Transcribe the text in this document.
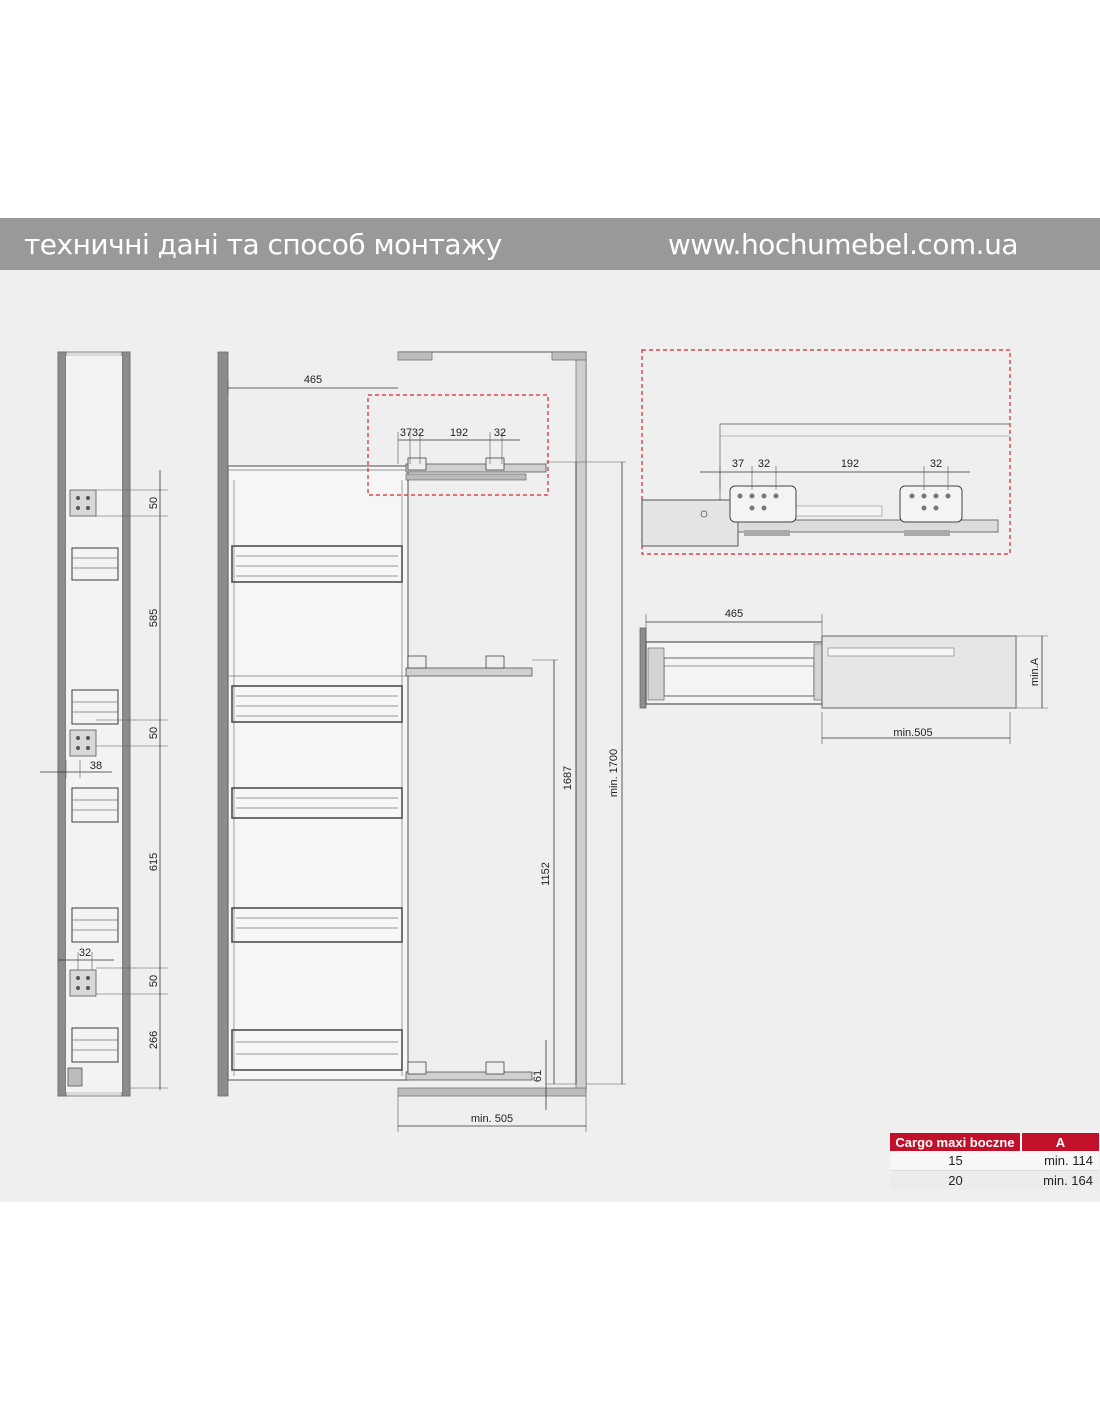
техничні дані та способ монтажу	www.hochumebel.com.ua
50
585
50
615
50
266
38
32
465
37 32 192 32
1687
1152
min. 1700
61
min. 505
37 32	192	32
465
min.505
min.A
Cargo maxi boczne	A
15	min. 114
20	min. 164
